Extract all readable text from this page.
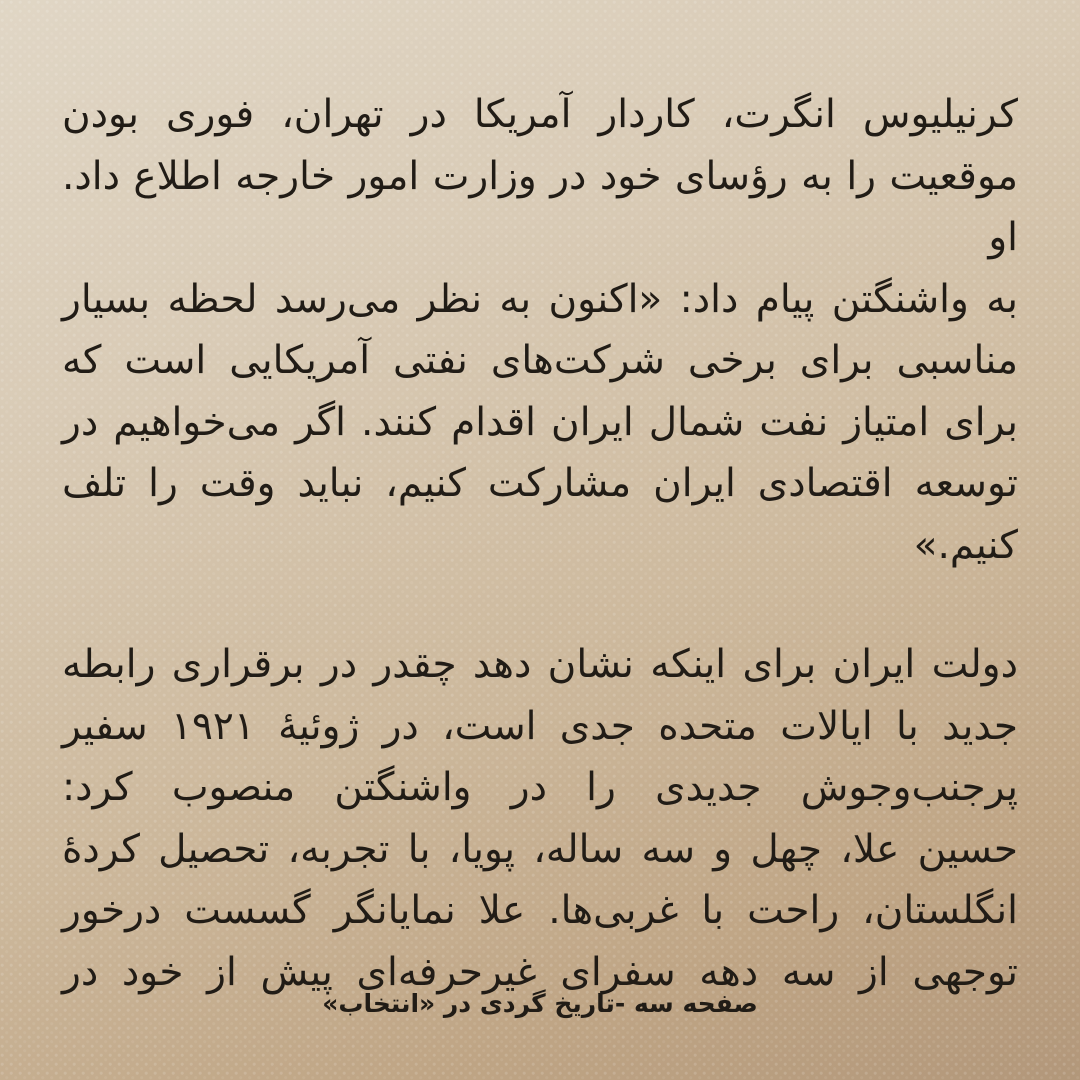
کرنیلیوس انگرت، کاردار آمریکا در تهران، فوری بودن
موقعیت را به رؤسای خود در وزارت امور خارجه اطلاع داد. او
به واشنگتن پیام داد: «اکنون به نظر می‌رسد لحظه بسیار
مناسبی برای برخی شرکت‌های نفتی آمریکایی است که
برای امتیاز نفت شمال ایران اقدام کنند. اگر می‌خواهیم در
توسعه اقتصادی ایران مشارکت کنیم، نباید وقت را تلف
کنیم.»
دولت ایران برای اینکه نشان دهد چقدر در برقراری رابطه
جدید با ایالات متحده جدی است، در ژوئیهٔ ۱۹۲۱ سفیر
پرجنب‌وجوش جدیدی را در واشنگتن منصوب کرد:
حسین علا، چهل و سه ساله، پویا، با تجربه، تحصیل کردهٔ
انگلستان، راحت با غربی‌ها. علا نمایانگر گسست درخور
توجهی از سه دهه سفرای غیرحرفه‌ای پیش از خود در
صفحه سه -تاریخ گردی در «انتخاب»
